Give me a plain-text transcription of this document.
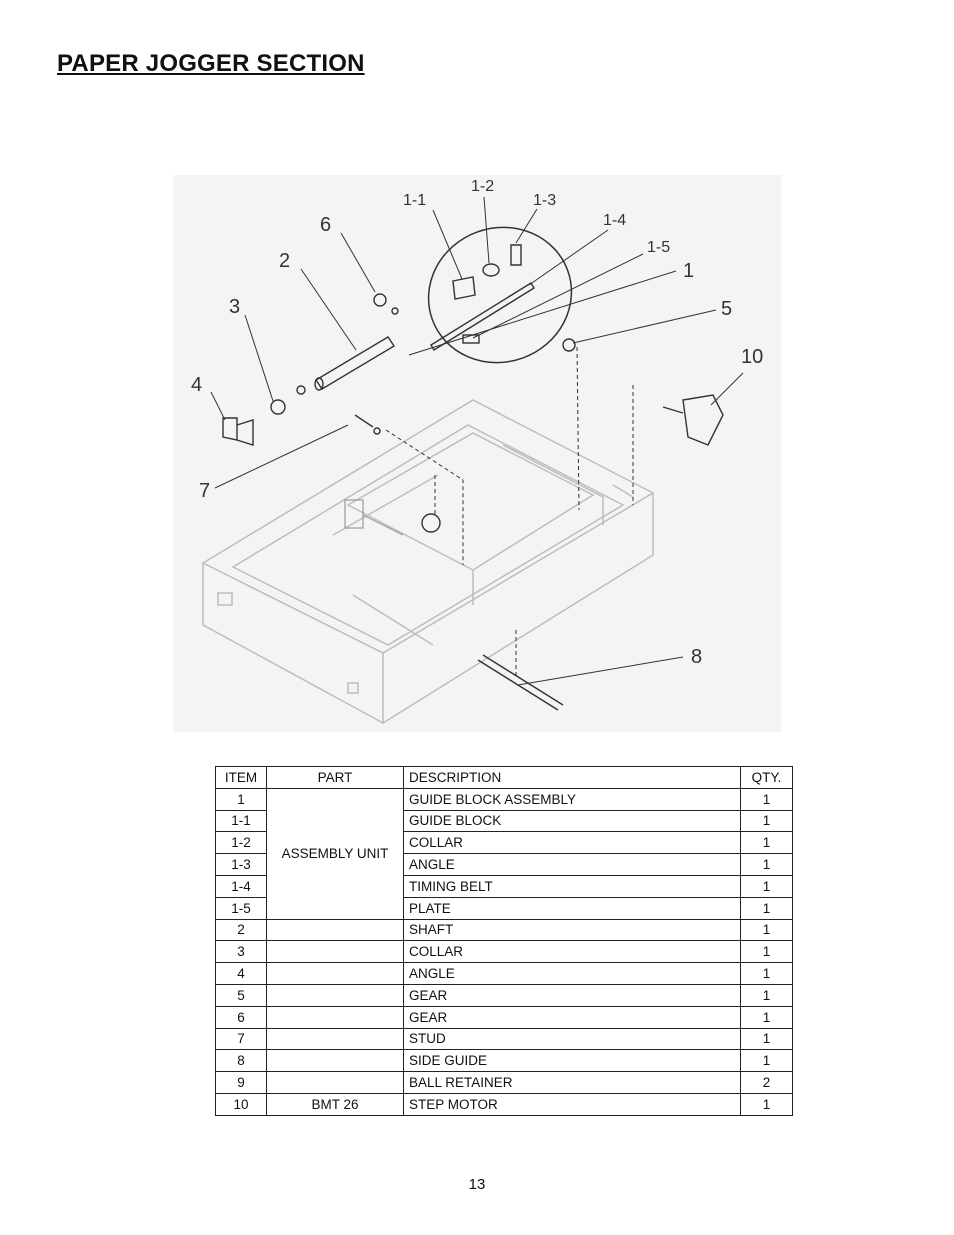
PAPER JOGGER SECTION
1-1
1-2
1-3
1-4
1-5
1
6
2
3
4
5
10
7
8
ITEM	PART	DESCRIPTION	QTY.
1	ASSEMBLY UNIT	GUIDE BLOCK ASSEMBLY	1
1-1		GUIDE BLOCK	1
1-2		COLLAR	1
1-3		ANGLE	1
1-4		TIMING BELT	1
1-5		PLATE	1
2		SHAFT	1
3		COLLAR	1
4		ANGLE	1
5		GEAR	1
6		GEAR	1
7		STUD	1
8		SIDE GUIDE	1
9		BALL RETAINER	2
10	BMT 26	STEP MOTOR	1
13
